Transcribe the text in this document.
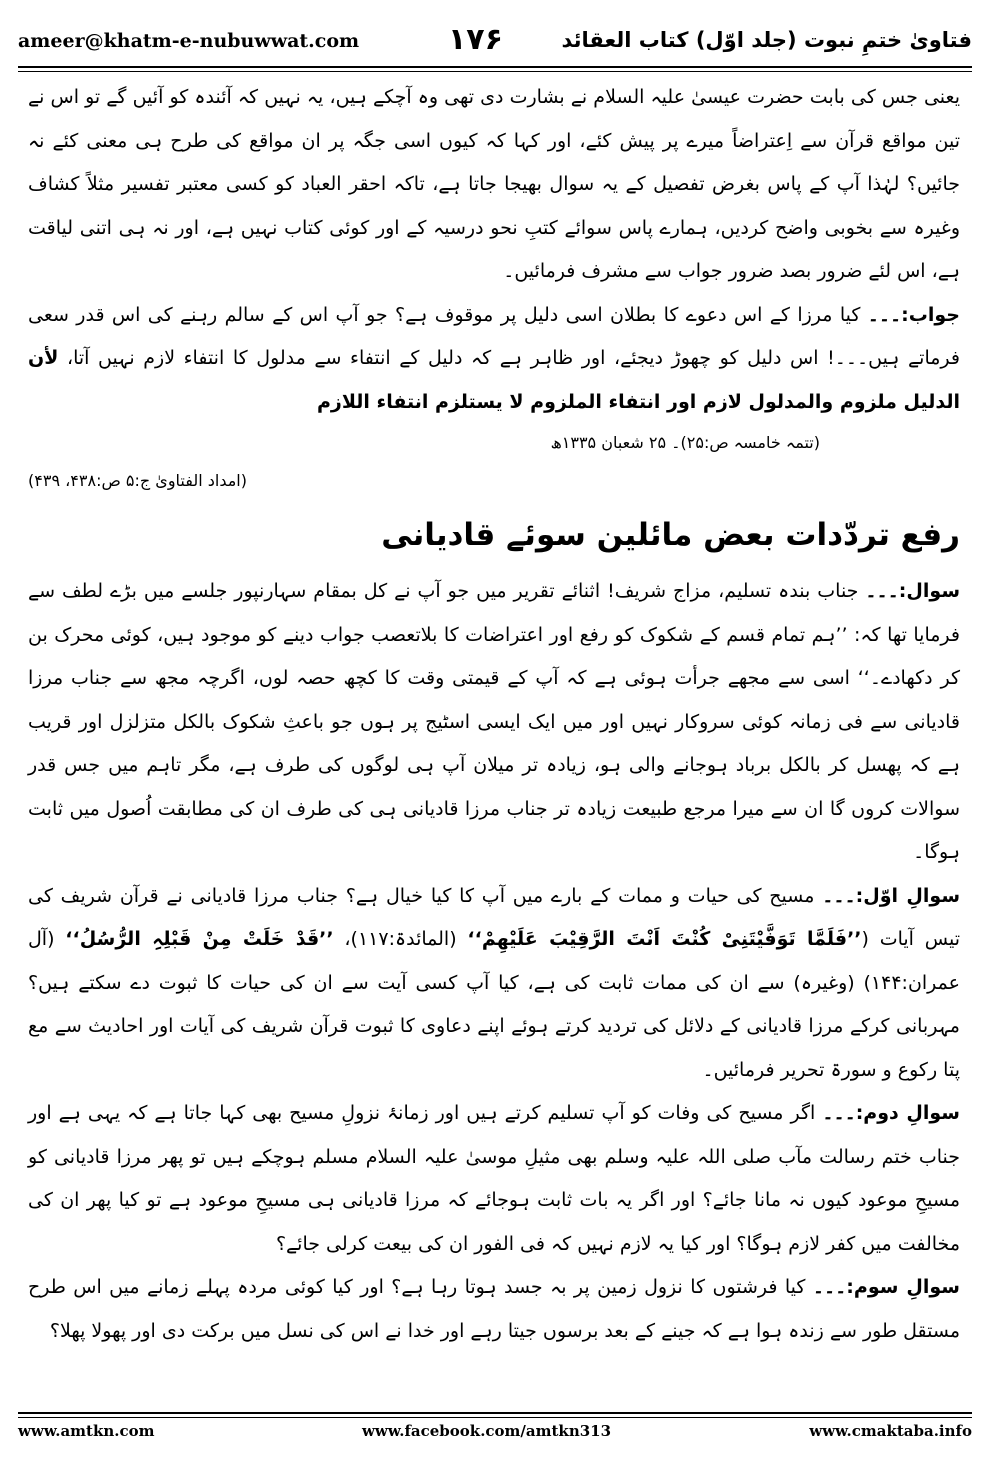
ameer@khatm-e-nubuwwat.com	۱۷۶	فتاویٰ ختمِ نبوت (جلد اوّل) کتاب العقائد

یعنی جس کی بابت حضرت عیسیٰ علیہ السلام نے بشارت دی تھی وہ آچکے ہیں، یہ نہیں کہ آئندہ کو آئیں گے تو اس نے تین مواقع قرآن سے اِعتراضاً میرے پر پیش کئے، اور کہا کہ کیوں اسی جگہ پر ان مواقع کی طرح ہی معنی کئے نہ جائیں؟ لہٰذا آپ کے پاس بغرض تفصیل کے یہ سوال بھیجا جاتا ہے، تاکہ احقر العباد کو کسی معتبر تفسیر مثلاً کشاف وغیرہ سے بخوبی واضح کردیں، ہمارے پاس سوائے کتبِ نحو درسیہ کے اور کوئی کتاب نہیں ہے، اور نہ ہی اتنی لیاقت ہے، اس لئے ضرور بصد ضرور جواب سے مشرف فرمائیں۔

جواب:۔۔۔ کیا مرزا کے اس دعوے کا بطلان اسی دلیل پر موقوف ہے؟ جو آپ اس کے سالم رہنے کی اس قدر سعی فرماتے ہیں۔۔۔! اس دلیل کو چھوڑ دیجئے، اور ظاہر ہے کہ دلیل کے انتفاء سے مدلول کا انتفاء لازم نہیں آتا، لأن الدلیل ملزوم والمدلول لازم اور انتفاء الملزوم لا یستلزم انتفاء اللازم

(تتمہ خامسہ ص:۲۵)۔ ۲۵ شعبان ۱۳۳۵ھ
(امداد الفتاویٰ ج:۵ ص:۴۳۸، ۴۳۹)
رفع تردّدات بعض مائلین سوئے قادیانی

سوال:۔۔۔ جناب بندہ تسلیم، مزاج شریف! اثنائے تقریر میں جو آپ نے کل بمقام سہارنپور جلسے میں بڑے لطف سے فرمایا تھا کہ: ’’ہم تمام قسم کے شکوک کو رفع اور اعتراضات کا بلاتعصب جواب دینے کو موجود ہیں، کوئی محرک بن کر دکھادے۔‘‘ اسی سے مجھے جرأت ہوئی ہے کہ آپ کے قیمتی وقت کا کچھ حصہ لوں، اگرچہ مجھ سے جناب مرزا قادیانی سے فی زمانہ کوئی سروکار نہیں اور میں ایک ایسی اسٹیج پر ہوں جو باعثِ شکوک بالکل متزلزل اور قریب ہے کہ پھسل کر بالکل برباد ہوجانے والی ہو، زیادہ تر میلان آپ ہی لوگوں کی طرف ہے، مگر تاہم میں جس قدر سوالات کروں گا ان سے میرا مرجع طبیعت زیادہ تر جناب مرزا قادیانی ہی کی طرف ان کی مطابقت اُصول میں ثابت ہوگا۔

سوالِ اوّل:۔۔۔ مسیح کی حیات و ممات کے بارے میں آپ کا کیا خیال ہے؟ جناب مرزا قادیانی نے قرآن شریف کی تیس آیات (’’فَلَمَّا تَوَفَّیْتَنِیْ کُنْتَ اَنْتَ الرَّقِیْبَ عَلَیْھِمْ‘‘ (المائدۃ:۱۱۷)، ’’قَدْ خَلَتْ مِنْ قَبْلِہِ الرُّسُلُ‘‘ (آل عمران:۱۴۴) (وغیرہ) سے ان کی ممات ثابت کی ہے، کیا آپ کسی آیت سے ان کی حیات کا ثبوت دے سکتے ہیں؟ مہربانی کرکے مرزا قادیانی کے دلائل کی تردید کرتے ہوئے اپنے دعاوی کا ثبوت قرآن شریف کی آیات اور احادیث سے مع پتا رکوع و سورۃ تحریر فرمائیں۔

سوالِ دوم:۔۔۔ اگر مسیح کی وفات کو آپ تسلیم کرتے ہیں اور زمانۂ نزولِ مسیح بھی کہا جاتا ہے کہ یہی ہے اور جناب ختم رسالت مآب صلی اللہ علیہ وسلم بھی مثیلِ موسیٰ علیہ السلام مسلم ہوچکے ہیں تو پھر مرزا قادیانی کو مسیحِ موعود کیوں نہ مانا جائے؟ اور اگر یہ بات ثابت ہوجائے کہ مرزا قادیانی ہی مسیحِ موعود ہے تو کیا پھر ان کی مخالفت میں کفر لازم ہوگا؟ اور کیا یہ لازم نہیں کہ فی الفور ان کی بیعت کرلی جائے؟

سوالِ سوم:۔۔۔ کیا فرشتوں کا نزول زمین پر بہ جسد ہوتا رہا ہے؟ اور کیا کوئی مردہ پہلے زمانے میں اس طرح مستقل طور سے زندہ ہوا ہے کہ جینے کے بعد برسوں جیتا رہے اور خدا نے اس کی نسل میں برکت دی اور پھولا پھلا؟

www.amtkn.com	www.facebook.com/amtkn313	www.cmaktaba.info
